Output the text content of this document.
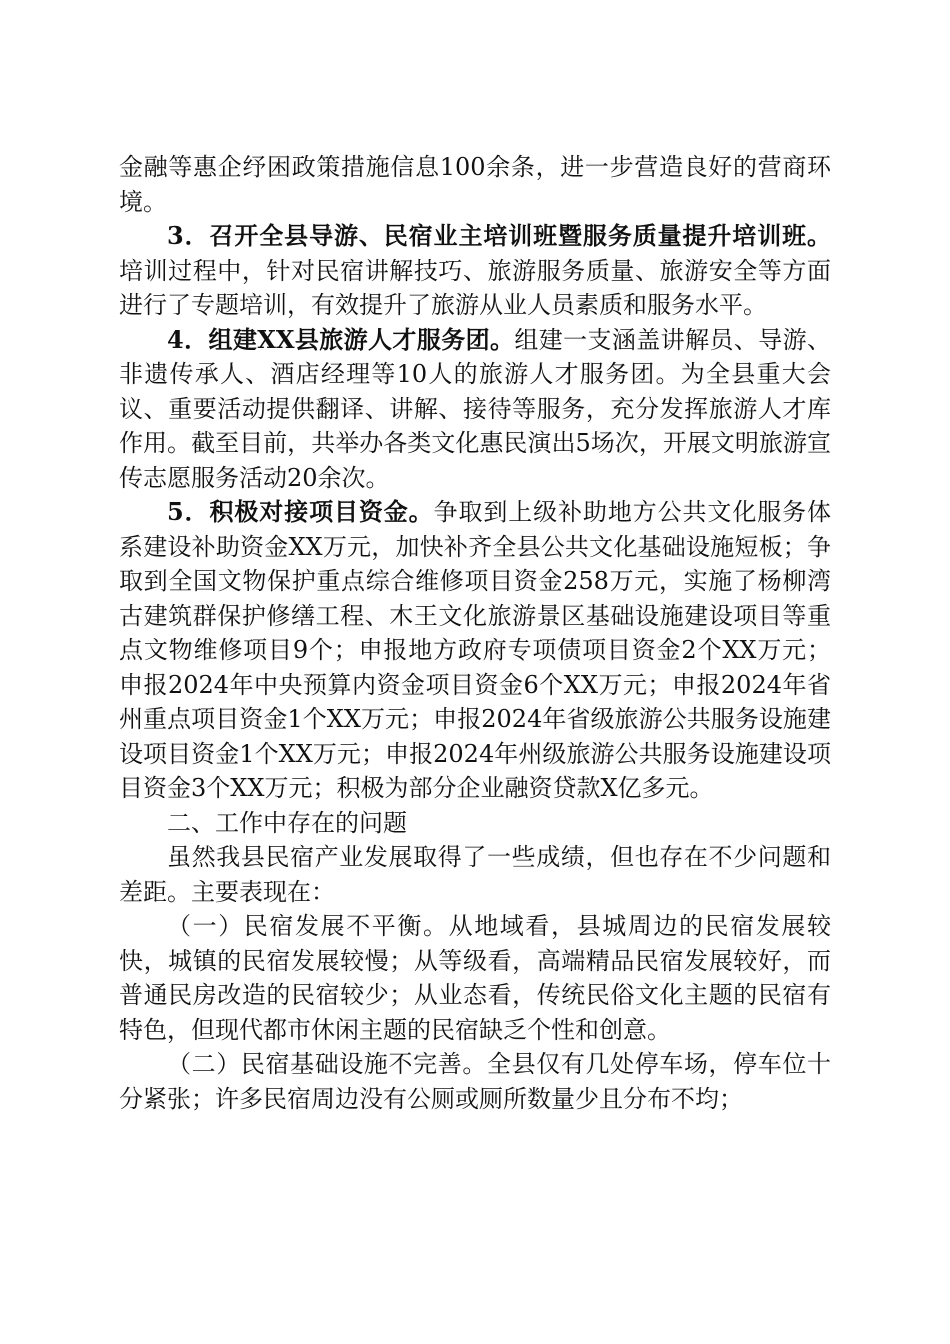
金融等惠企纾困政策措施信息100余条，进一步营造良好的营商环境。

3．召开全县导游、民宿业主培训班暨服务质量提升培训班。培训过程中，针对民宿讲解技巧、旅游服务质量、旅游安全等方面进行了专题培训，有效提升了旅游从业人员素质和服务水平。

4．组建XX县旅游人才服务团。组建一支涵盖讲解员、导游、非遗传承人、酒店经理等10人的旅游人才服务团。为全县重大会议、重要活动提供翻译、讲解、接待等服务，充分发挥旅游人才库作用。截至目前，共举办各类文化惠民演出5场次，开展文明旅游宣传志愿服务活动20余次。

5．积极对接项目资金。争取到上级补助地方公共文化服务体系建设补助资金XX万元，加快补齐全县公共文化基础设施短板；争取到全国文物保护重点综合维修项目资金258万元，实施了杨柳湾古建筑群保护修缮工程、木王文化旅游景区基础设施建设项目等重点文物维修项目9个；申报地方政府专项债项目资金2个XX万元；申报2024年中央预算内资金项目资金6个XX万元；申报2024年省州重点项目资金1个XX万元；申报2024年省级旅游公共服务设施建设项目资金1个XX万元；申报2024年州级旅游公共服务设施建设项目资金3个XX万元；积极为部分企业融资贷款X亿多元。

二、工作中存在的问题

虽然我县民宿产业发展取得了一些成绩，但也存在不少问题和差距。主要表现在：

（一）民宿发展不平衡。从地域看，县城周边的民宿发展较快，城镇的民宿发展较慢；从等级看，高端精品民宿发展较好，而普通民房改造的民宿较少；从业态看，传统民俗文化主题的民宿有特色，但现代都市休闲主题的民宿缺乏个性和创意。

（二）民宿基础设施不完善。全县仅有几处停车场，停车位十分紧张；许多民宿周边没有公厕或厕所数量少且分布不均；
